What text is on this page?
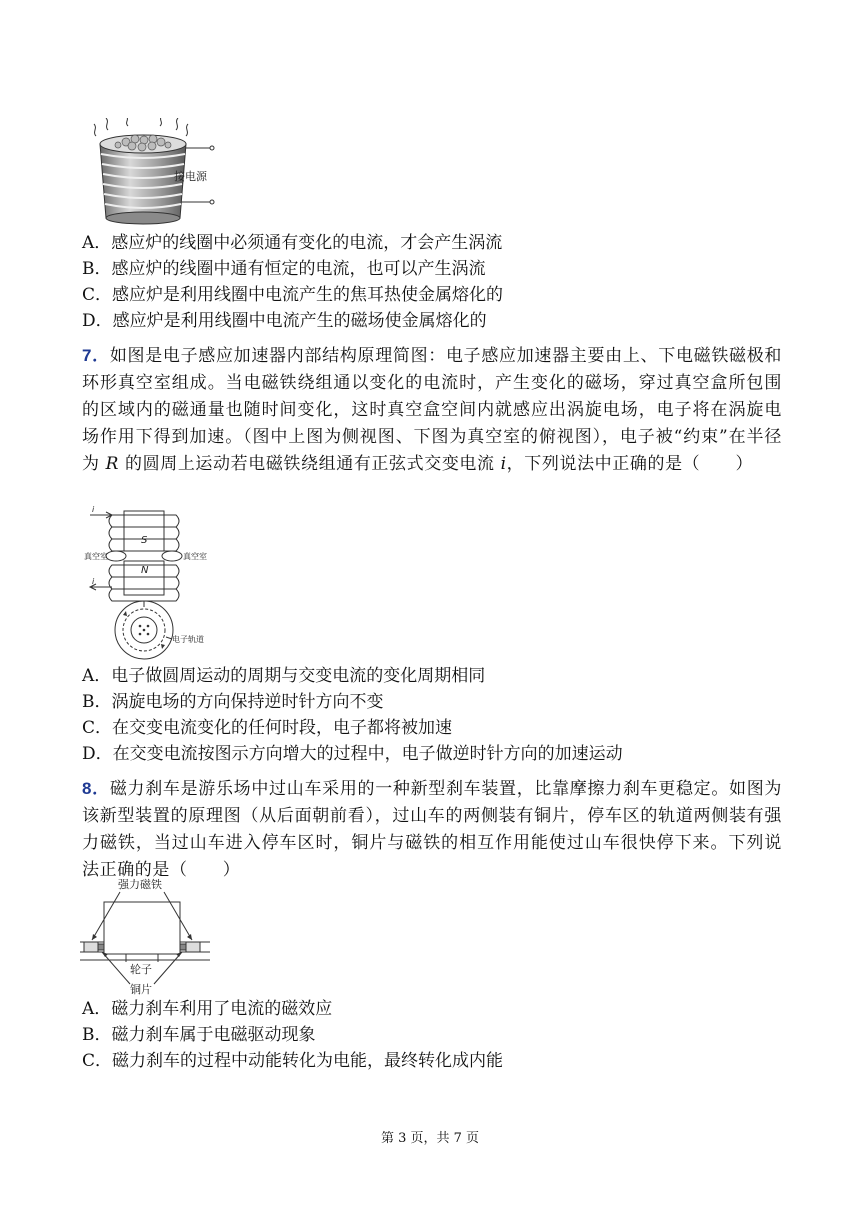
接电源
A．感应炉的线圈中必须通有变化的电流，才会产生涡流
B．感应炉的线圈中通有恒定的电流，也可以产生涡流
C．感应炉是利用线圈中电流产生的焦耳热使金属熔化的
D．感应炉是利用线圈中电流产生的磁场使金属熔化的
7．如图是电子感应加速器内部结构原理简图：电子感应加速器主要由上、下电磁铁磁极和环形真空室组成。当电磁铁绕组通以变化的电流时，产生变化的磁场，穿过真空盒所包围的区域内的磁通量也随时间变化，这时真空盒空间内就感应出涡旋电场，电子将在涡旋电场作用下得到加速。（图中上图为侧视图、下图为真空室的俯视图），电子被“约束”在半径为 R 的圆周上运动若电磁铁绕组通有正弦式交变电流 i，下列说法中正确的是（　　）
真空室	真空室
S
N
i
i
电子轨道
A．电子做圆周运动的周期与交变电流的变化周期相同
B．涡旋电场的方向保持逆时针方向不变
C．在交变电流变化的任何时段，电子都将被加速
D．在交变电流按图示方向增大的过程中，电子做逆时针方向的加速运动
8．磁力刹车是游乐场中过山车采用的一种新型刹车装置，比靠摩擦力刹车更稳定。如图为该新型装置的原理图（从后面朝前看），过山车的两侧装有铜片，停车区的轨道两侧装有强力磁铁，当过山车进入停车区时，铜片与磁铁的相互作用能使过山车很快停下来。下列说法正确的是（　　）
强力磁铁
轮子
铜片
A．磁力刹车利用了电流的磁效应
B．磁力刹车属于电磁驱动现象
C．磁力刹车的过程中动能转化为电能，最终转化成内能
第 3 页，共 7 页
